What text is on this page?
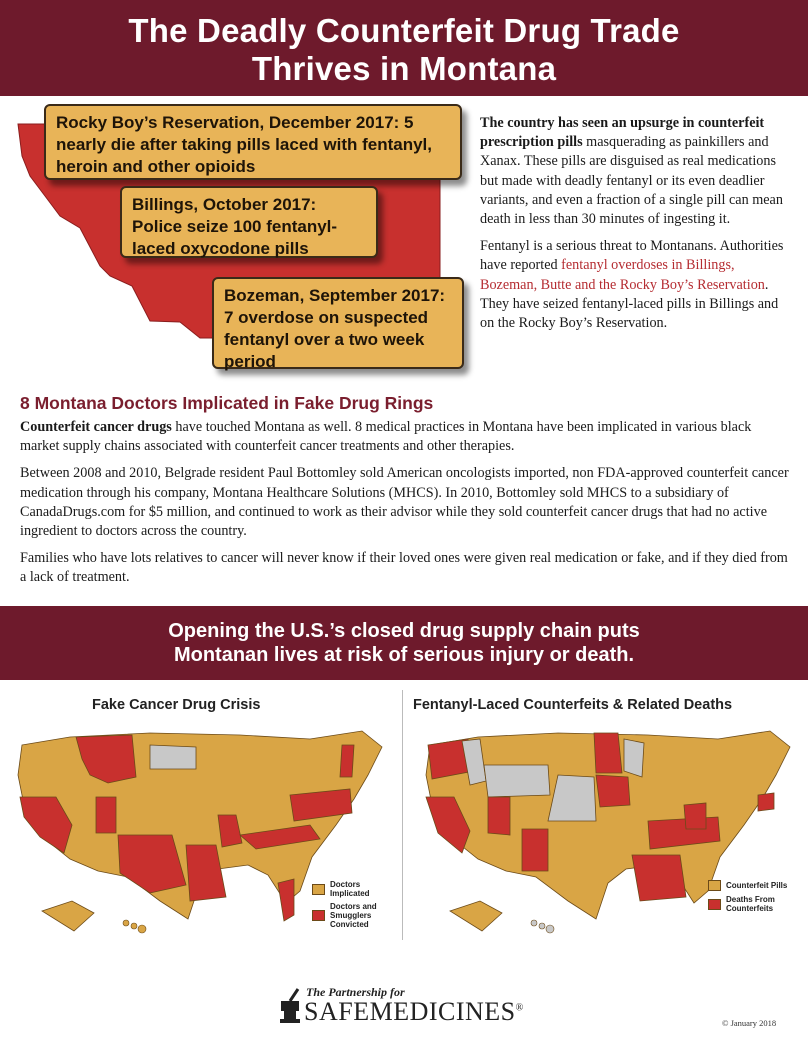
The Deadly Counterfeit Drug Trade
Thrives in Montana
Rocky Boy’s Reservation, December 2017: 5 nearly die after taking pills laced with fentanyl, heroin and other opioids
Billings, October 2017: Police seize 100 fentanyl-laced oxycodone pills
Bozeman, September 2017: 7 overdose on suspected fentanyl over a two week period

The country has seen an upsurge in counterfeit prescription pills masquerading as painkillers and Xanax. These pills are disguised as real medications but made with deadly fentanyl or its even deadlier variants, and even a fraction of a single pill can mean death in less than 30 minutes of ingesting it.

Fentanyl is a serious threat to Montanans. Authorities have reported fentanyl overdoses in Billings, Bozeman, Butte and the Rocky Boy’s Reservation. They have seized fentanyl-laced pills in Billings and on the Rocky Boy’s Reservation.

8 Montana Doctors Implicated in Fake Drug Rings

Counterfeit cancer drugs have touched Montana as well. 8 medical practices in Montana have been implicated in various black market supply chains associated with counterfeit cancer treatments and other therapies.

Between 2008 and 2010, Belgrade resident Paul Bottomley sold American oncologists imported, non FDA-approved counterfeit cancer medication through his company, Montana Healthcare Solutions (MHCS). In 2010, Bottomley sold MHCS to a subsidiary of CanadaDrugs.com for $5 million, and continued to work as their advisor while they sold counterfeit cancer drugs that had no active ingredient to doctors across the country.

Families who have lots relatives to cancer will never know if their loved ones were given real medication or fake, and if they died from a lack of treatment.

Opening the U.S.’s closed drug supply chain puts
Montanan lives at risk of serious injury or death.
Fake Cancer Drug Crisis	Fentanyl-Laced Counterfeits & Related Deaths
Doctors Implicated
Doctors and Smugglers Convicted
Counterfeit Pills
Deaths From Counterfeits
The Partnership for
SAFEMEDICINES®
© January 2018
